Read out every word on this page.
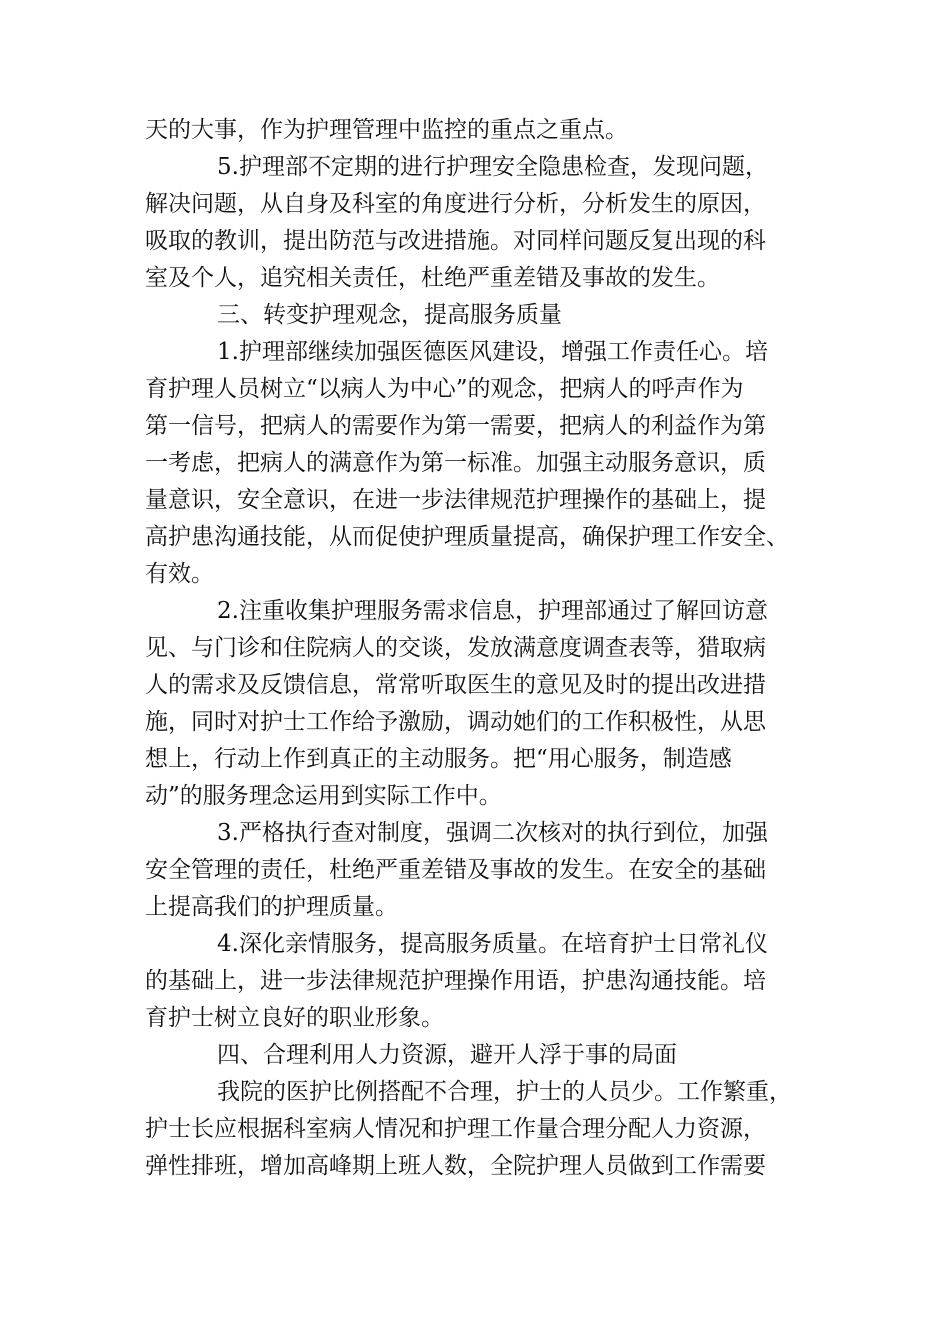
天的大事，作为护理管理中监控的重点之重点。
5.护理部不定期的进行护理安全隐患检查，发现问题，
解决问题，从自身及科室的角度进行分析，分析发生的原因，
吸取的教训，提出防范与改进措施。对同样问题反复出现的科
室及个人，追究相关责任，杜绝严重差错及事故的发生。
三、转变护理观念，提高服务质量
1.护理部继续加强医德医风建设，增强工作责任心。培
育护理人员树立“以病人为中心”的观念，把病人的呼声作为
第一信号，把病人的需要作为第一需要，把病人的利益作为第
一考虑，把病人的满意作为第一标准。加强主动服务意识，质
量意识，安全意识，在进一步法律规范护理操作的基础上，提
高护患沟通技能，从而促使护理质量提高，确保护理工作安全、
有效。
2.注重收集护理服务需求信息，护理部通过了解回访意
见、与门诊和住院病人的交谈，发放满意度调查表等，猎取病
人的需求及反馈信息，常常听取医生的意见及时的提出改进措
施，同时对护士工作给予激励，调动她们的工作积极性，从思
想上，行动上作到真正的主动服务。把“用心服务，制造感
动”的服务理念运用到实际工作中。
3.严格执行查对制度，强调二次核对的执行到位，加强
安全管理的责任，杜绝严重差错及事故的发生。在安全的基础
上提高我们的护理质量。
4.深化亲情服务，提高服务质量。在培育护士日常礼仪
的基础上，进一步法律规范护理操作用语，护患沟通技能。培
育护士树立良好的职业形象。
四、合理利用人力资源，避开人浮于事的局面
我院的医护比例搭配不合理，护士的人员少。工作繁重，
护士长应根据科室病人情况和护理工作量合理分配人力资源，
弹性排班，增加高峰期上班人数，全院护理人员做到工作需要
